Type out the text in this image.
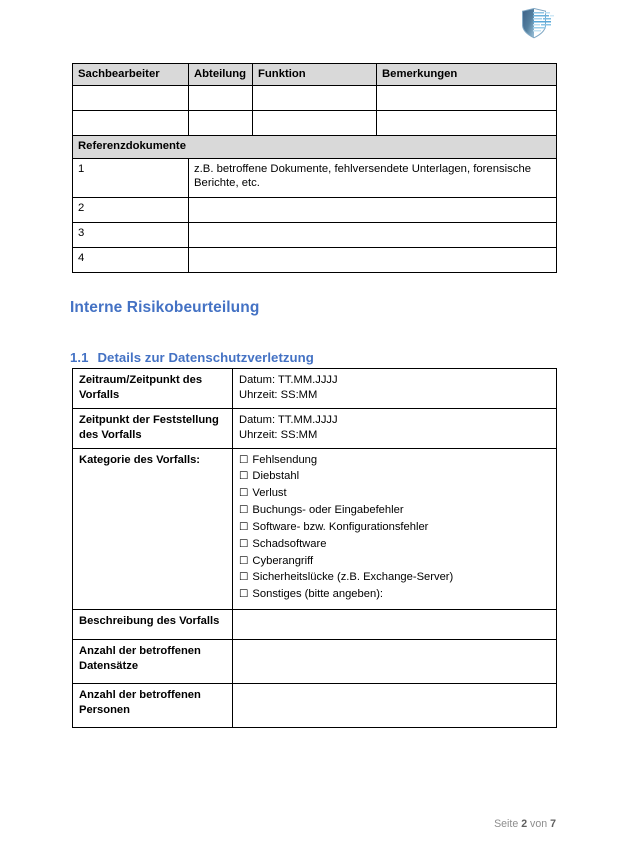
Sachbearbeiter	Abteilung	Funktion	Bemerkungen

Referenzdokumente			
1	z.B. betroffene Dokumente, fehlversendete Unterlagen, forensische Berichte, etc.		
2			
3			
4			
Interne Risikobeurteilung
1.1 Details zur Datenschutzverletzung
Zeitraum/Zeitpunkt des Vorfalls	Datum: TT.MM.JJJJ
Uhrzeit: SS:MM

Zeitpunkt der Feststellung des Vorfalls	Datum: TT.MM.JJJJ
Uhrzeit: SS:MM

Kategorie des Vorfalls:	☐ Fehlsendung
☐ Diebstahl
☐ Verlust
☐ Buchungs- oder Eingabefehler
☐ Software- bzw. Konfigurationsfehler
☐ Schadsoftware
☐ Cyberangriff
☐ Sicherheitslücke (z.B. Exchange-Server)
☐ Sonstiges (bitte angeben):

Beschreibung des Vorfalls	
Anzahl der betroffenen Datensätze	
Anzahl der betroffenen Personen	
Seite 2 von 7
